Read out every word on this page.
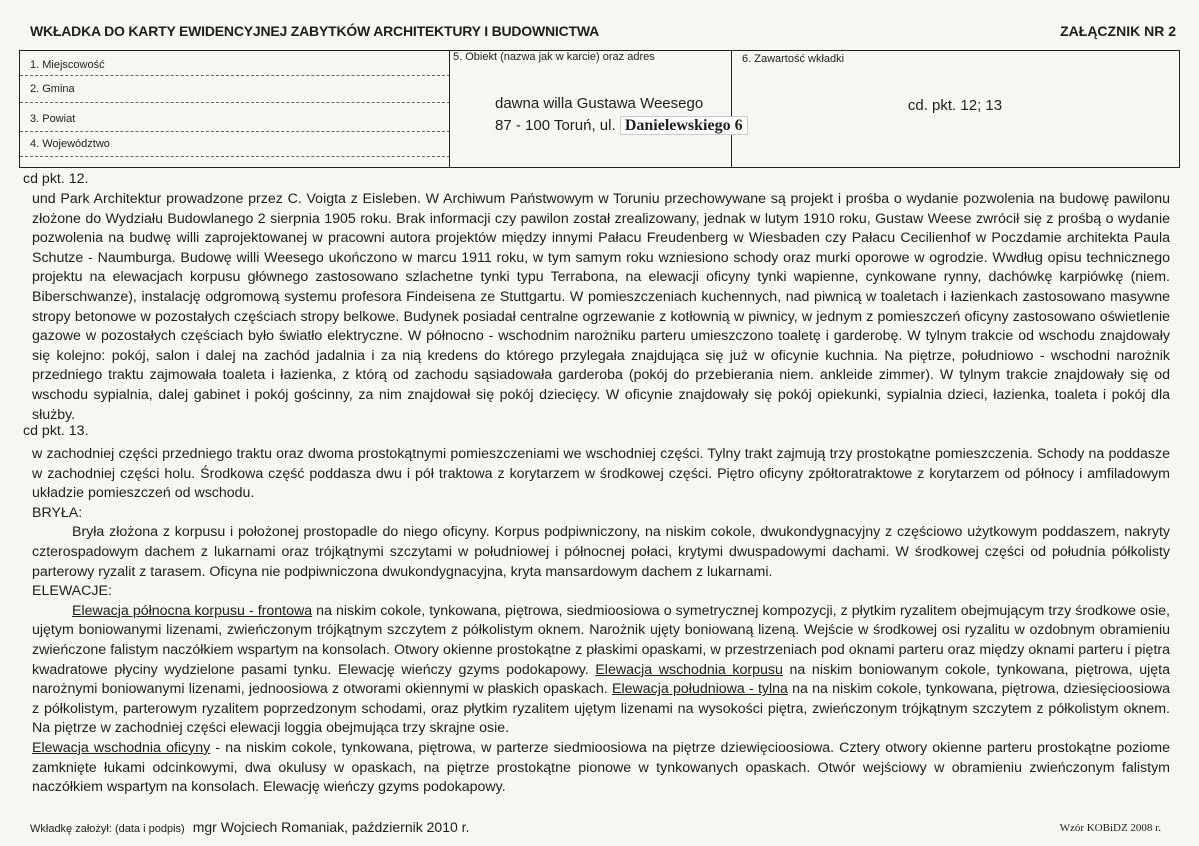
WKŁADKA DO KARTY EWIDENCYJNEJ ZABYTKÓW ARCHITEKTURY I BUDOWNICTWA	ZAŁĄCZNIK NR 2
1. Miejscowość
2. Gmina
3. Powiat
4. Województwo
5. Obiekt (nazwa jak w karcie) oraz adres
dawna willa Gustawa Weesego
87 - 100 Toruń, ul. Danielewskiego 6
6. Zawartość wkładki
cd. pkt. 12; 13
cd pkt. 12.

und Park Architektur prowadzone przez C. Voigta z Eisleben. W Archiwum Państwowym w Toruniu przechowywane są projekt i prośba o wydanie pozwolenia na budowę pawilonu złożone do Wydziału Budowlanego 2 sierpnia 1905 roku. Brak informacji czy pawilon został zrealizowany, jednak w lutym 1910 roku, Gustaw Weese zwrócił się z prośbą o wydanie pozwolenia na budwę willi zaprojektowanej w pracowni autora projektów między innymi Pałacu Freudenberg w Wiesbaden czy Pałacu Cecilienhof w Poczdamie architekta Paula Schutze - Naumburga. Budowę willi Weesego ukończono w marcu 1911 roku, w tym samym roku wzniesiono schody oraz murki oporowe w ogrodzie. Wwdług opisu technicznego projektu na elewacjach korpusu głównego zastosowano szlachetne tynki typu Terrabona, na elewacji oficyny tynki wapienne, cynkowane rynny, dachówkę karpiówkę (niem. Biberschwanze), instalację odgromową systemu profesora Findeisena ze Stuttgartu. W pomieszczeniach kuchennych, nad piwnicą w toaletach i łazienkach zastosowano masywne stropy betonowe w pozostałych częściach stropy belkowe. Budynek posiadał centralne ogrzewanie z kotłownią w piwnicy, w jednym z pomieszczeń oficyny zastosowano oświetlenie gazowe w pozostałych częściach było światło elektryczne. W północno - wschodnim narożniku parteru umieszczono toaletę i garderobę. W tylnym trakcie od wschodu znajdowały się kolejno: pokój, salon i dalej na zachód jadalnia i za nią kredens do którego przylegała znajdująca się już w oficynie kuchnia. Na piętrze, południowo - wschodni narożnik przedniego traktu zajmowała toaleta i łazienka, z którą od zachodu sąsiadowała garderoba (pokój do przebierania niem. ankleide zimmer). W tylnym trakcie znajdowały się od wschodu sypialnia, dalej gabinet i pokój gościnny, za nim znajdował się pokój dziecięcy. W oficynie znajdowały się pokój opiekunki, sypialnia dzieci, łazienka, toaleta i pokój dla służby.

cd pkt. 13.

w zachodniej części przedniego traktu oraz dwoma prostokątnymi pomieszczeniami we wschodniej części. Tylny trakt zajmują trzy prostokątne pomieszczenia. Schody na poddasze w zachodniej części holu. Środkowa część poddasza dwu i pół traktowa z korytarzem w środkowej części. Piętro oficyny zpółtoratraktowe z korytarzem od północy i amfiladowym układzie pomieszczeń od wschodu.

BRYŁA:

Bryła złożona z korpusu i położonej prostopadle do niego oficyny. Korpus podpiwniczony, na niskim cokole, dwukondygnacyjny z częściowo użytkowym poddaszem, nakryty czterospadowym dachem z lukarnami oraz trójkątnymi szczytami w południowej i północnej połaci, krytymi dwuspadowymi dachami. W środkowej części od południa półkolisty parterowy ryzalit z tarasem. Oficyna nie podpiwniczona dwukondygnacyjna, kryta mansardowym dachem z lukarnami.

ELEWACJE:

Elewacja północna korpusu - frontowa na niskim cokole, tynkowana, piętrowa, siedmioosiowa o symetrycznej kompozycji, z płytkim ryzalitem obejmującym trzy środkowe osie, ujętym boniowanymi lizenami, zwieńczonym trójkątnym szczytem z półkolistym oknem. Narożnik ujęty boniowaną lizeną. Wejście w środkowej osi ryzalitu w ozdobnym obramieniu zwieńczone falistym naczółkiem wspartym na konsolach. Otwory okienne prostokątne z płaskimi opaskami, w przestrzeniach pod oknami parteru oraz między oknami parteru i piętra kwadratowe płyciny wydzielone pasami tynku. Elewację wieńczy gzyms podokapowy. Elewacja wschodnia korpusu na niskim boniowanym cokole, tynkowana, piętrowa, ujęta narożnymi boniowanymi lizenami, jednoosiowa z otworami okiennymi w płaskich opaskach. Elewacja południowa - tylna na na niskim cokole, tynkowana, piętrowa, dziesięcioosiowa z półkolistym, parterowym ryzalitem poprzedzonym schodami, oraz płytkim ryzalitem ujętym lizenami na wysokości piętra, zwieńczonym trójkątnym szczytem z półkolistym oknem. Na piętrze w zachodniej części elewacji loggia obejmująca trzy skrajne osie.

Elewacja wschodnia oficyny - na niskim cokole, tynkowana, piętrowa, w parterze siedmioosiowa na piętrze dziewięcioosiowa. Cztery otwory okienne parteru prostokątne poziome zamknięte łukami odcinkowymi, dwa okulusy w opaskach, na piętrze prostokątne pionowe w tynkowanych opaskach. Otwór wejściowy w obramieniu zwieńczonym falistym naczółkiem wspartym na konsolach. Elewację wieńczy gzyms podokapowy.

Wkładkę założył: (data i podpis) mgr Wojciech Romaniak, październik 2010 r.	Wzór KOBiDZ 2008 r.
